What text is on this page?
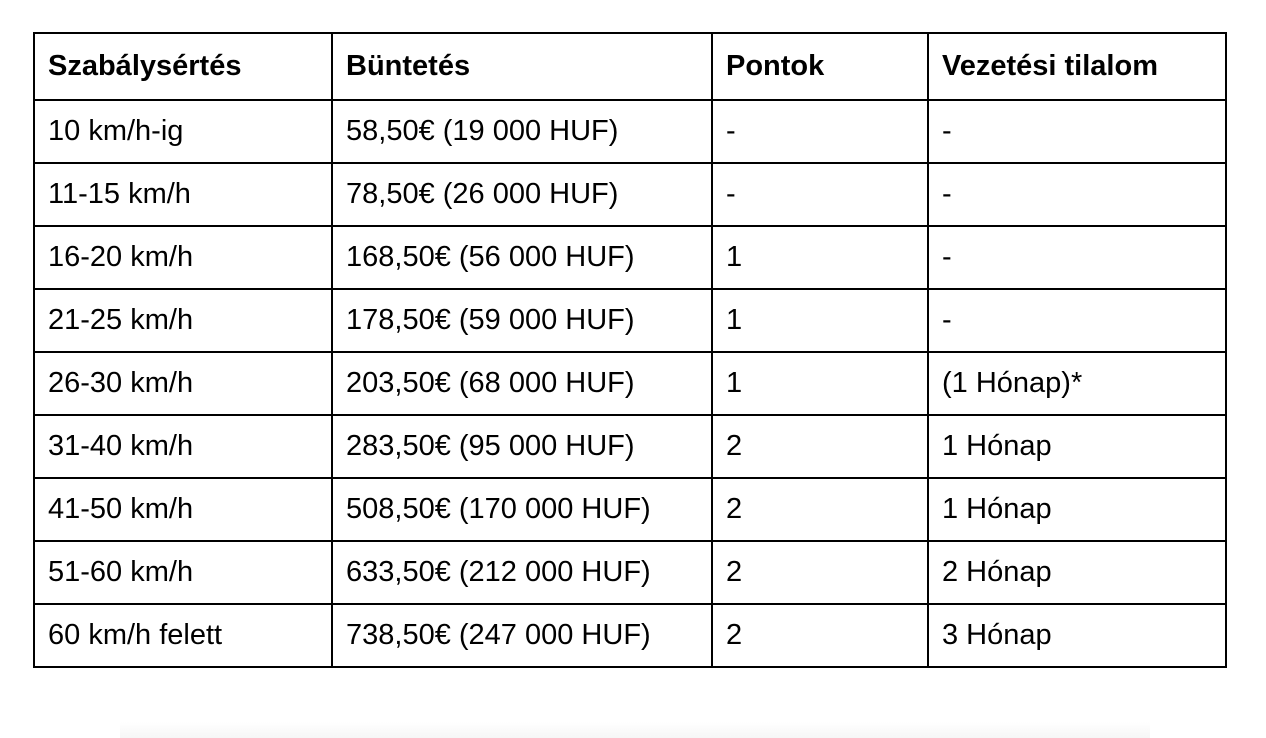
Szabálysértés	Büntetés	Pontok	Vezetési tilalom
10 km/h-ig	58,50€ (19 000 HUF)	-	-
11-15 km/h	78,50€ (26 000 HUF)	-	-
16-20 km/h	168,50€ (56 000 HUF)	1	-
21-25 km/h	178,50€ (59 000 HUF)	1	-
26-30 km/h	203,50€ (68 000 HUF)	1	(1 Hónap)*
31-40 km/h	283,50€ (95 000 HUF)	2	1 Hónap
41-50 km/h	508,50€ (170 000 HUF)	2	1 Hónap
51-60 km/h	633,50€ (212 000 HUF)	2	2 Hónap
60 km/h felett	738,50€ (247 000 HUF)	2	3 Hónap
